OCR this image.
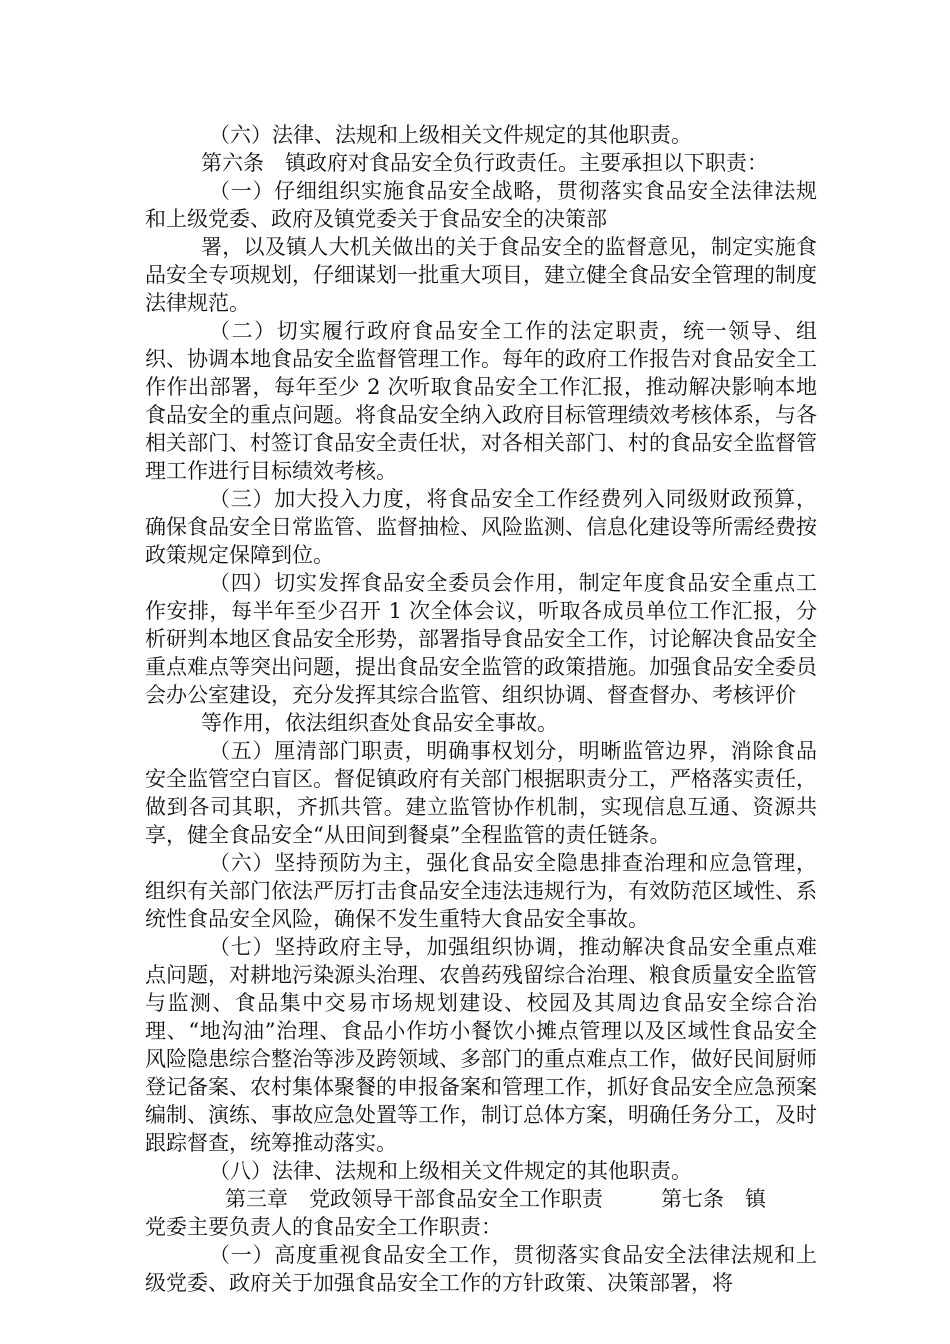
（六）法律、法规和上级相关文件规定的其他职责。

第六条　镇政府对食品安全负行政责任。主要承担以下职责：

（一）仔细组织实施食品安全战略，贯彻落实食品安全法律法规和上级党委、政府及镇党委关于食品安全的决策部

署，以及镇人大机关做出的关于食品安全的监督意见，制定实施食品安全专项规划，仔细谋划一批重大项目，建立健全食品安全管理的制度法律规范。

（二）切实履行政府食品安全工作的法定职责，统一领导、组织、协调本地食品安全监督管理工作。每年的政府工作报告对食品安全工作作出部署，每年至少 2 次听取食品安全工作汇报，推动解决影响本地食品安全的重点问题。将食品安全纳入政府目标管理绩效考核体系，与各相关部门、村签订食品安全责任状，对各相关部门、村的食品安全监督管理工作进行目标绩效考核。

（三）加大投入力度，将食品安全工作经费列入同级财政预算，确保食品安全日常监管、监督抽检、风险监测、信息化建设等所需经费按政策规定保障到位。

（四）切实发挥食品安全委员会作用，制定年度食品安全重点工作安排，每半年至少召开 1 次全体会议，听取各成员单位工作汇报，分析研判本地区食品安全形势，部署指导食品安全工作，讨论解决食品安全重点难点等突出问题，提出食品安全监管的政策措施。加强食品安全委员会办公室建设，充分发挥其综合监管、组织协调、督查督办、考核评价

等作用，依法组织查处食品安全事故。

（五）厘清部门职责，明确事权划分，明晰监管边界，消除食品安全监管空白盲区。督促镇政府有关部门根据职责分工，严格落实责任，做到各司其职，齐抓共管。建立监管协作机制，实现信息互通、资源共享，健全食品安全“从田间到餐桌”全程监管的责任链条。

（六）坚持预防为主，强化食品安全隐患排查治理和应急管理，组织有关部门依法严厉打击食品安全违法违规行为，有效防范区域性、系统性食品安全风险，确保不发生重特大食品安全事故。

（七）坚持政府主导，加强组织协调，推动解决食品安全重点难点问题，对耕地污染源头治理、农兽药残留综合治理、粮食质量安全监管与监测、食品集中交易市场规划建设、校园及其周边食品安全综合治理、“地沟油”治理、食品小作坊小餐饮小摊点管理以及区域性食品安全风险隐患综合整治等涉及跨领域、多部门的重点难点工作，做好民间厨师登记备案、农村集体聚餐的申报备案和管理工作，抓好食品安全应急预案编制、演练、事故应急处置等工作，制订总体方案，明确任务分工，及时跟踪督查，统筹推动落实。

（八）法律、法规和上级相关文件规定的其他职责。

第三章　党政领导干部食品安全工作职责	第七条　镇

党委主要负责人的食品安全工作职责：

（一）高度重视食品安全工作，贯彻落实食品安全法律法规和上级党委、政府关于加强食品安全工作的方针政策、决策部署，将
